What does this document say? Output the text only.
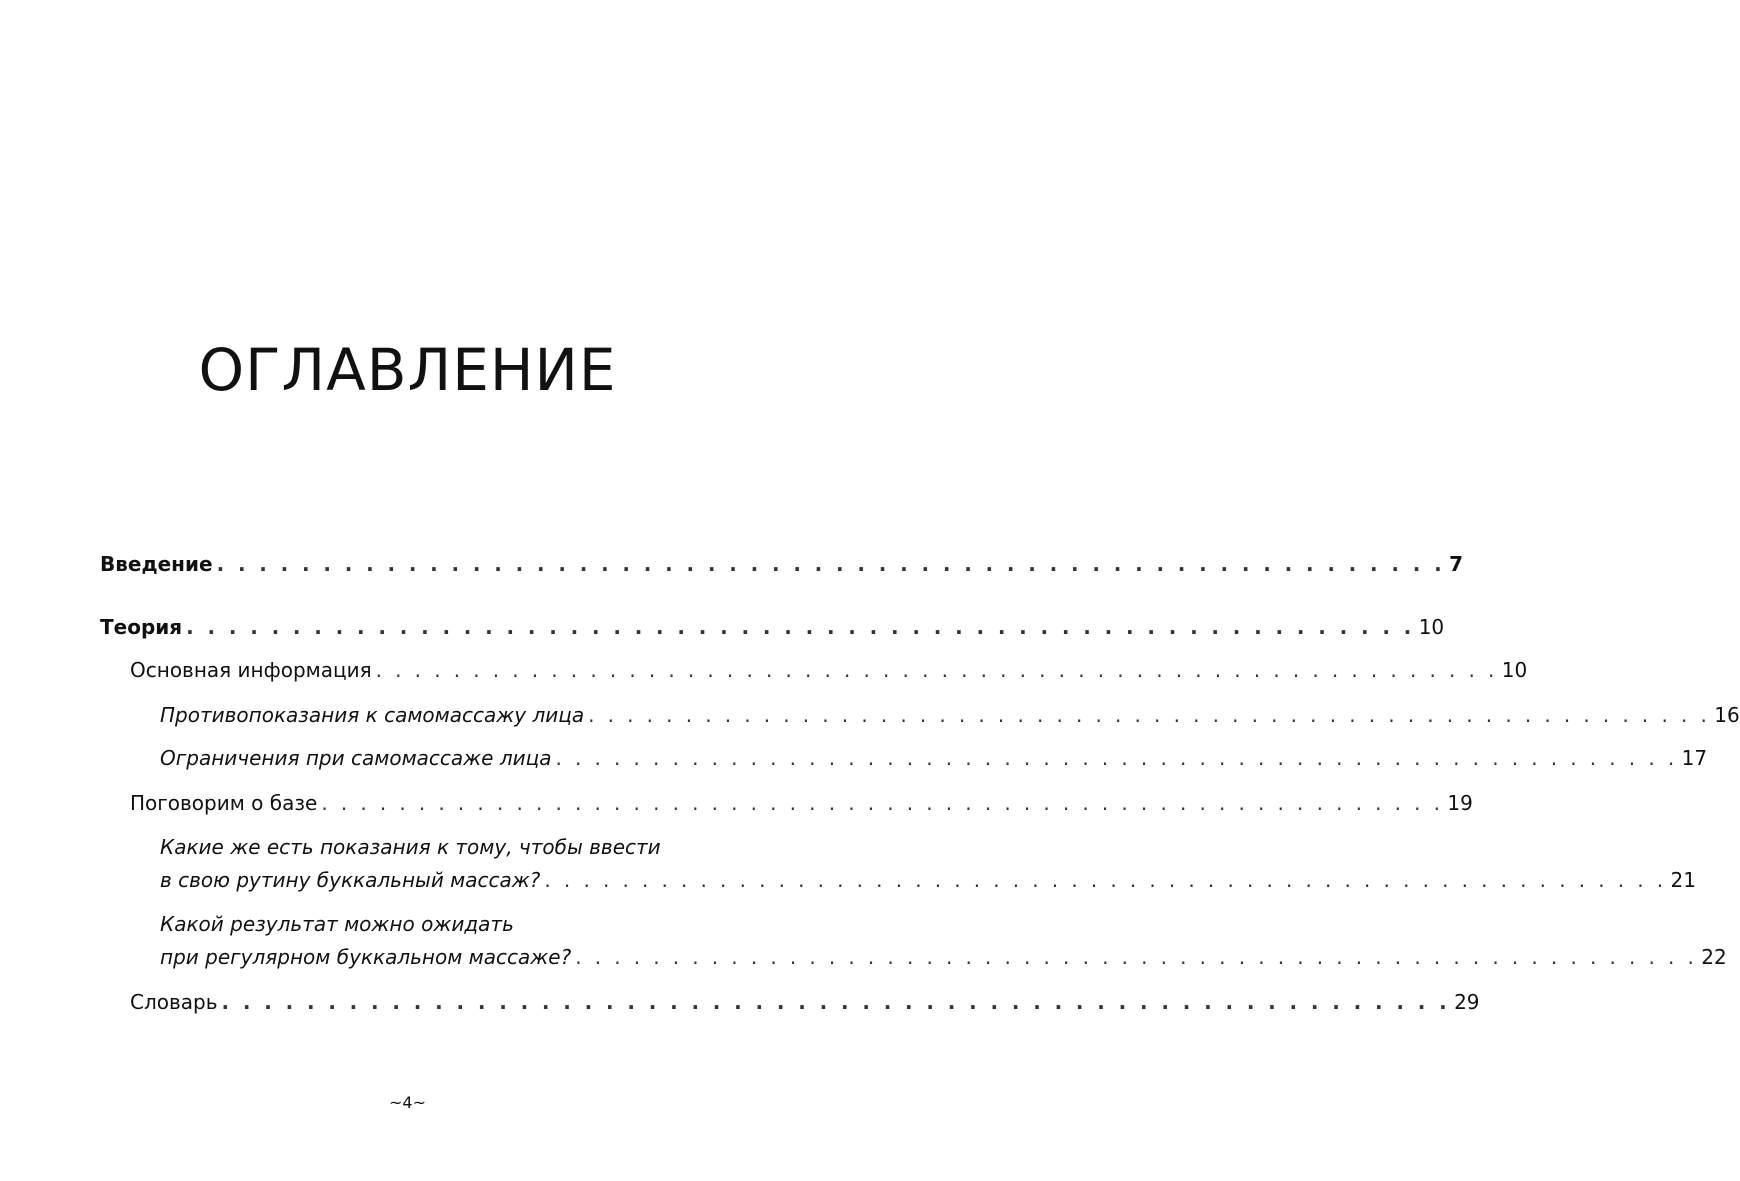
ОГЛАВЛЕНИЕ
Введение . . . . . . . . . . . . . . . . . . . . . . . . . . . . . . . . . . . . . . . . . . . . . . . . . . . . . . . . . . 7
Теория . . . . . . . . . . . . . . . . . . . . . . . . . . . . . . . . . . . . . . . . . . . . . . . . . . . . . . . . . . 10
Основная информация . . . . . . . . . . . . . . . . . . . . . . . . . . . . . . . . . . . . . . . . . . . . . . . . . . . . . . . . . . 10
Противопоказания к самомассажу лица . . . . . . . . . . . . . . . . . . . . . . . . . . . . . . . . . . . . . . . . . . . . . . . . . . . . . . . . . . 16
Ограничения при самомассаже лица . . . . . . . . . . . . . . . . . . . . . . . . . . . . . . . . . . . . . . . . . . . . . . . . . . . . . . . . . . 17
Поговорим о базе . . . . . . . . . . . . . . . . . . . . . . . . . . . . . . . . . . . . . . . . . . . . . . . . . . . . . . . . . . 19
Какие же есть показания к тому, чтобы ввести
в свою рутину буккальный массаж? . . . . . . . . . . . . . . . . . . . . . . . . . . . . . . . . . . . . . . . . . . . . . . . . . . . . . . . . . . 21
Какой результат можно ожидать
при регулярном буккальном массаже? . . . . . . . . . . . . . . . . . . . . . . . . . . . . . . . . . . . . . . . . . . . . . . . . . . . . . . . . . . 22
Словарь . . . . . . . . . . . . . . . . . . . . . . . . . . . . . . . . . . . . . . . . . . . . . . . . . . . . . . . . . . 29
~4~
